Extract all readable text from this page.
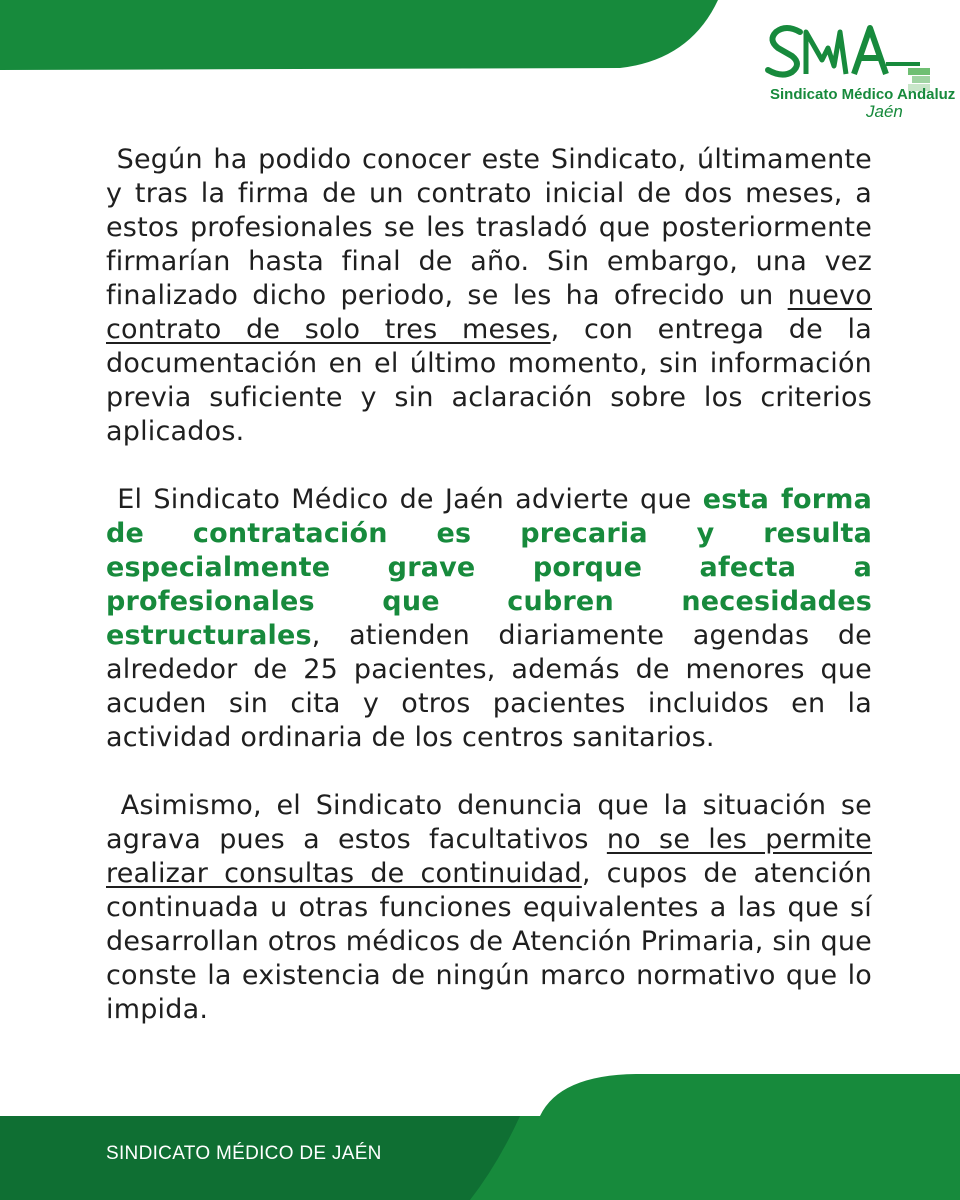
Sindicato Médico Andaluz
Jaén

Según ha podido conocer este Sindicato, últimamente y tras la firma de un contrato inicial de dos meses, a estos profesionales se les trasladó que posteriormente firmarían hasta final de año. Sin embargo, una vez finalizado dicho periodo, se les ha ofrecido un nuevo contrato de solo tres meses, con entrega de la documentación en el último momento, sin información previa suficiente y sin aclaración sobre los criterios aplicados.

El Sindicato Médico de Jaén advierte que esta forma de contratación es precaria y resulta especialmente grave porque afecta a profesionales que cubren necesidades estructurales, atienden diariamente agendas de alrededor de 25 pacientes, además de menores que acuden sin cita y otros pacientes incluidos en la actividad ordinaria de los centros sanitarios.

Asimismo, el Sindicato denuncia que la situación se agrava pues a estos facultativos no se les permite realizar consultas de continuidad, cupos de atención continuada u otras funciones equivalentes a las que sí desarrollan otros médicos de Atención Primaria, sin que conste la existencia de ningún marco normativo que lo impida.

SINDICATO MÉDICO DE JAÉN
